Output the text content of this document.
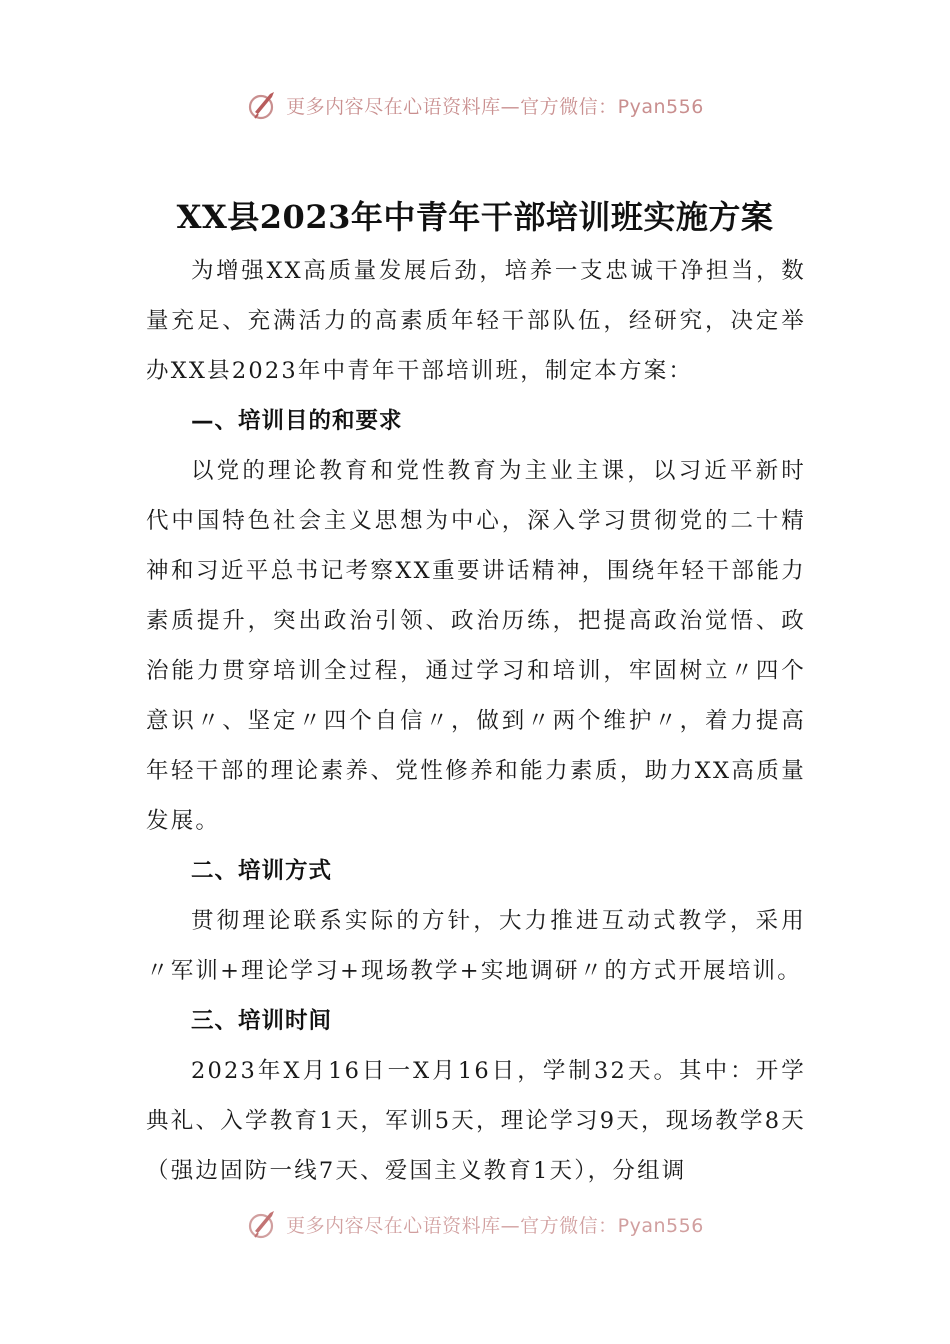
更多内容尽在心语资料库—官方微信：Pyan556
XX县2023年中青年干部培训班实施方案

为增强XX高质量发展后劲，培养一支忠诚干净担当，数量充足、充满活力的高素质年轻干部队伍，经研究，决定举办XX县2023年中青年干部培训班，制定本方案：

—、培训目的和要求

以党的理论教育和党性教育为主业主课，以习近平新时代中国特色社会主义思想为中心，深入学习贯彻党的二十精神和习近平总书记考察XX重要讲话精神，围绕年轻干部能力素质提升，突出政治引领、政治历练，把提高政治觉悟、政治能力贯穿培训全过程，通过学习和培训，牢固树立〃四个意识〃、坚定〃四个自信〃，做到〃两个维护〃，着力提高年轻干部的理论素养、党性修养和能力素质，助力XX高质量发展。

二、培训方式

贯彻理论联系实际的方针，大力推进互动式教学，采用〃军训+理论学习+现场教学+实地调研〃的方式开展培训。

三、培训时间

2023年X月16日一X月16日，学制32天。其中：开学典礼、入学教育1天，军训5天，理论学习9天，现场教学8天（强边固防一线7天、爱国主义教育1天），分组调

更多内容尽在心语资料库—官方微信：Pyan556
